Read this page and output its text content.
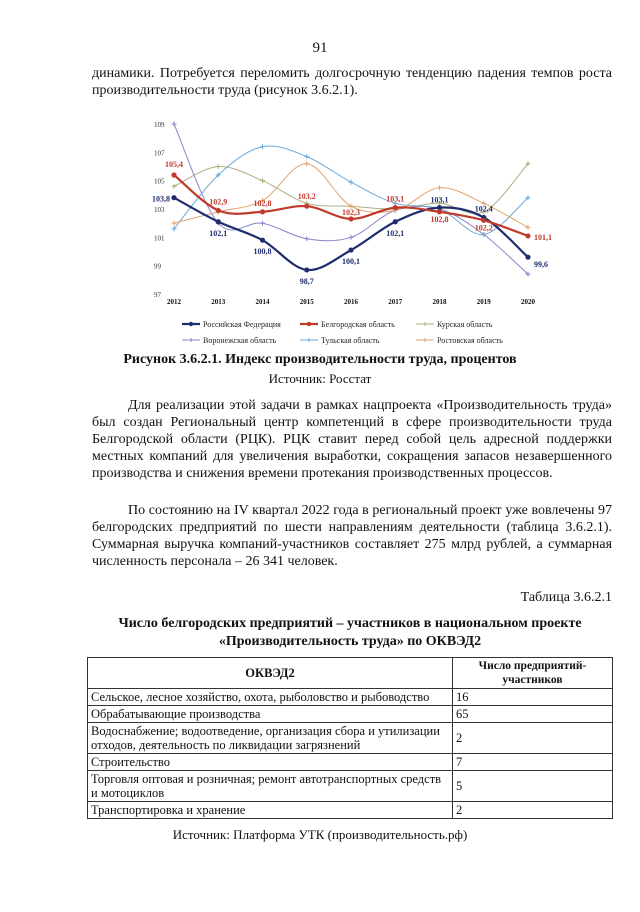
91

динамики. Потребуется переломить долгосрочную тенденцию падения темпов роста производительности труда (рисунок 3.6.2.1).

97
99
101
103
105
107
109
2012	2013	2014	2015	2016	2017	2018	2019	2020
103,8
102,1
100,8
98,7
100,1
102,1
103,1
102,4
99,6
105,4
102,9	102,8
103,2
102,3
103,1
102,8
102,2
101,1
Российская Федерация	Белгородская область	Курская область
Воронежская область	Тульская область	Ростовская область
Рисунок 3.6.2.1. Индекс производительности труда, процентов
Источник: Росстат

Для реализации этой задачи в рамках нацпроекта «Производительность труда» был создан Региональный центр компетенций в сфере производительности труда Белгородской области (РЦК). РЦК ставит перед собой цель адресной поддержки местных компаний для увеличения выработки, сокращения запасов незавершенного производства и снижения времени протекания производственных процессов.

По состоянию на IV квартал 2022 года в региональный проект уже вовлечены 97 белгородских предприятий по шести направлениям деятельности (таблица 3.6.2.1). Суммарная выручка компаний-участников составляет 275 млрд рублей, а суммарная численность персонала – 26 341 человек.

Таблица 3.6.2.1
Число белгородских предприятий – участников в национальном проекте
«Производительность труда» по ОКВЭД2
ОКВЭД2	Число предприятий-участников
Сельское, лесное хозяйство, охота, рыболовство и рыбоводство	16
Обрабатывающие производства	65
Водоснабжение; водоотведение, организация сбора и утилизации отходов, деятельность по ликвидации загрязнений	2
Строительство	7
Торговля оптовая и розничная; ремонт автотранспортных средств и мотоциклов	5
Транспортировка и хранение	2
Источник: Платформа УТК (производительность.рф)
